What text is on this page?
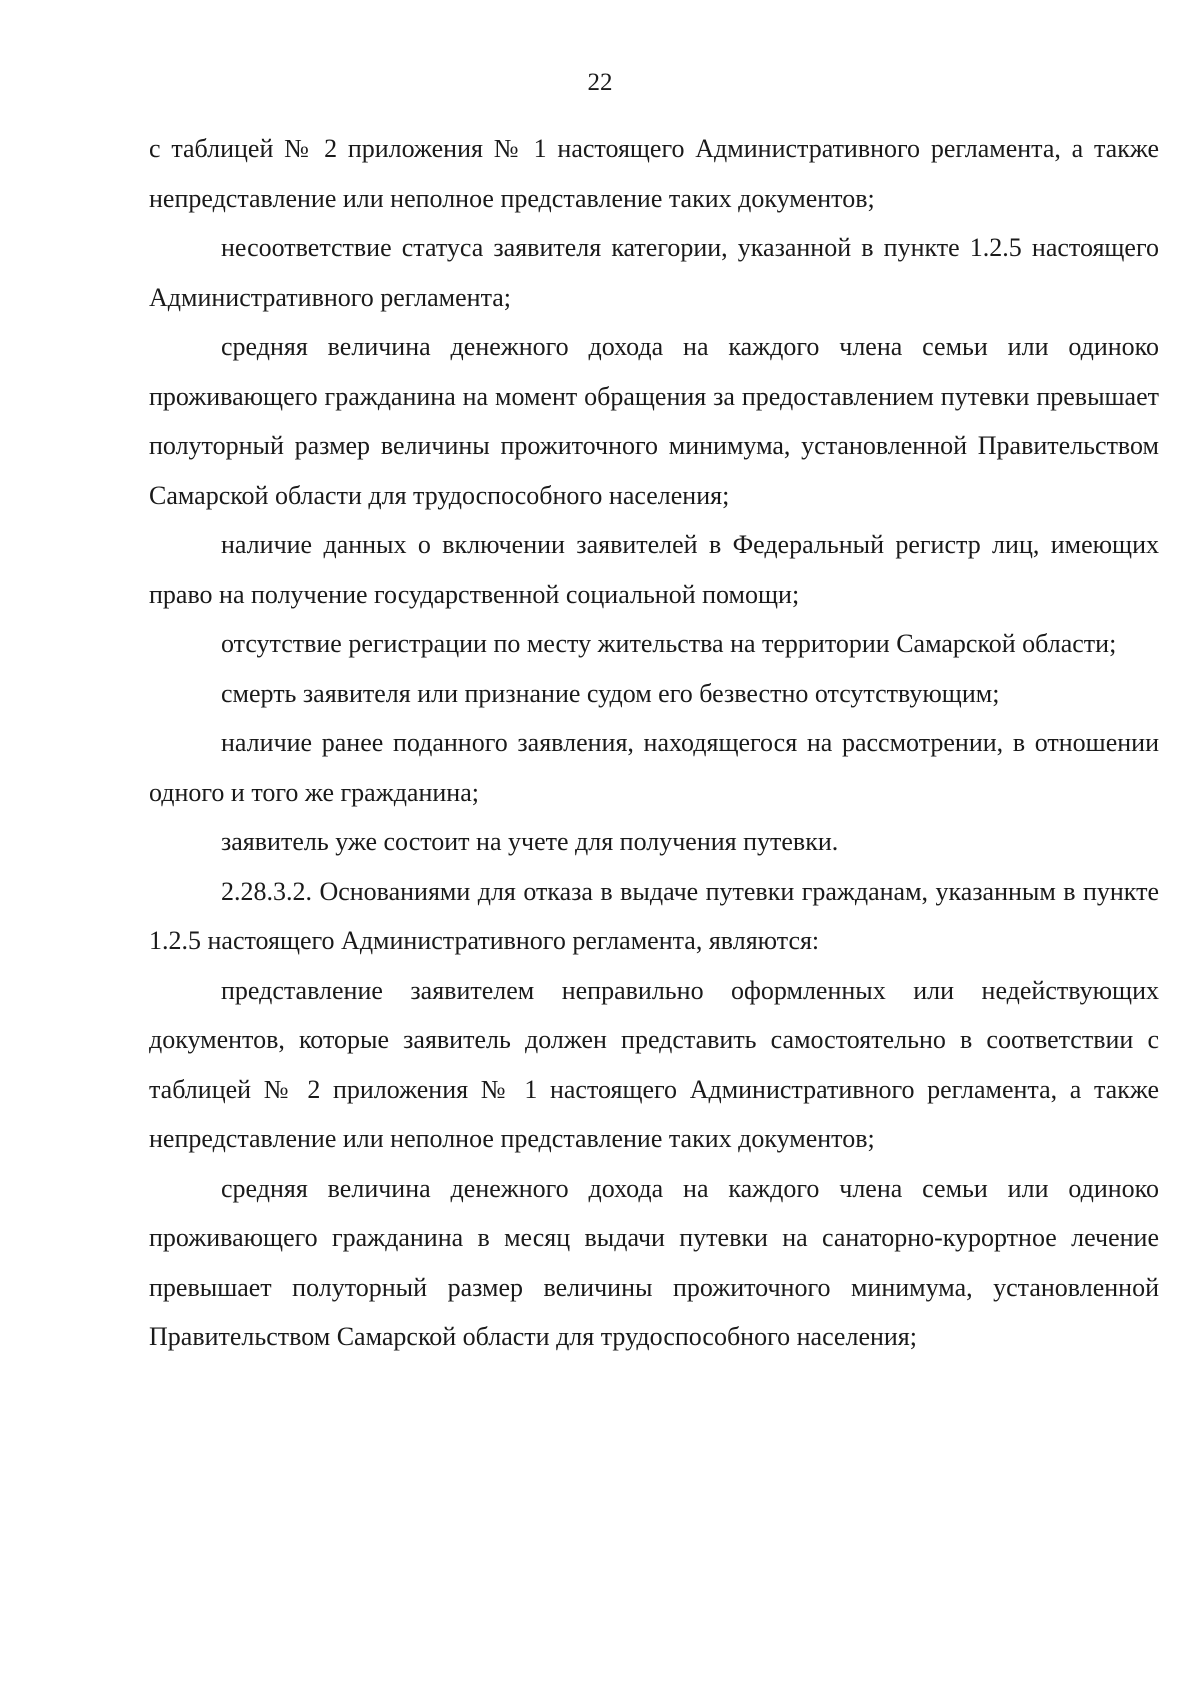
22

с таблицей № 2 приложения № 1 настоящего Административного регламента, а также непредставление или неполное представление таких документов;

несоответствие статуса заявителя категории, указанной в пункте 1.2.5 настоящего Административного регламента;

средняя величина денежного дохода на каждого члена семьи или одиноко проживающего гражданина на момент обращения за предоставлением путевки превышает полуторный размер величины прожиточного минимума, установленной Правительством Самарской области для трудоспособного населения;

наличие данных о включении заявителей в Федеральный регистр лиц, имеющих право на получение государственной социальной помощи;

отсутствие регистрации по месту жительства на территории Самарской области;

смерть заявителя или признание судом его безвестно отсутствующим;

наличие ранее поданного заявления, находящегося на рассмотрении, в отношении одного и того же гражданина;

заявитель уже состоит на учете для получения путевки.

2.28.3.2. Основаниями для отказа в выдаче путевки гражданам, указанным в пункте 1.2.5 настоящего Административного регламента, являются:

представление заявителем неправильно оформленных или недействующих документов, которые заявитель должен представить самостоятельно в соответствии с таблицей № 2 приложения № 1 настоящего Административного регламента, а также непредставление или неполное представление таких документов;

средняя величина денежного дохода на каждого члена семьи или одиноко проживающего гражданина в месяц выдачи путевки на санаторно-курортное лечение превышает полуторный размер величины прожиточного минимума, установленной Правительством Самарской области для трудоспособного населения;
